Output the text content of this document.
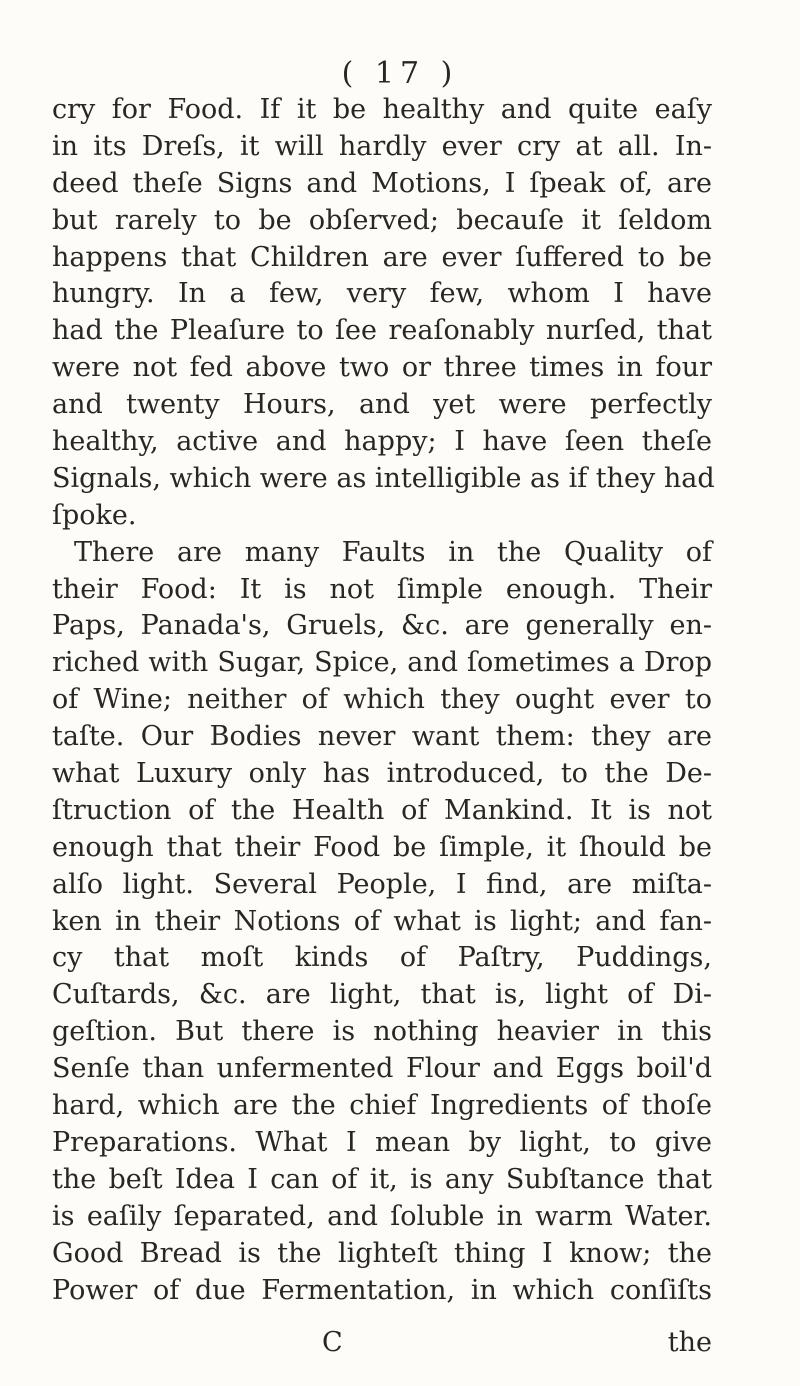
( 17 )
cry for Food. If it be healthy and quite eaſy
in its Dreſs, it will hardly ever cry at all. In-
deed theſe Signs and Motions, I ſpeak of, are
but rarely to be obſerved; becauſe it ſeldom
happens that Children are ever ſuffered to be
hungry. In a few, very few, whom I have
had the Pleaſure to ſee reaſonably nurſed, that
were not fed above two or three times in four
and twenty Hours, and yet were perfectly
healthy, active and happy; I have ſeen theſe
Signals, which were as intelligible as if they had
ſpoke.
There are many Faults in the Quality of
their Food: It is not ſimple enough. Their
Paps, Panada's, Gruels, &c. are generally en-
riched with Sugar, Spice, and ſometimes a Drop
of Wine; neither of which they ought ever to
taſte. Our Bodies never want them: they are
what Luxury only has introduced, to the De-
ſtruction of the Health of Mankind. It is not
enough that their Food be ſimple, it ſhould be
alſo light. Several People, I find, are miſta-
ken in their Notions of what is light; and fan-
cy that moſt kinds of Paſtry, Puddings,
Cuſtards, &c. are light, that is, light of Di-
geſtion. But there is nothing heavier in this
Senſe than unfermented Flour and Eggs boil'd
hard, which are the chief Ingredients of thoſe
Preparations. What I mean by light, to give
the beſt Idea I can of it, is any Subſtance that
is eaſily ſeparated, and ſoluble in warm Water.
Good Bread is the lighteſt thing I know; the
Power of due Fermentation, in which conſiſts
C	the
